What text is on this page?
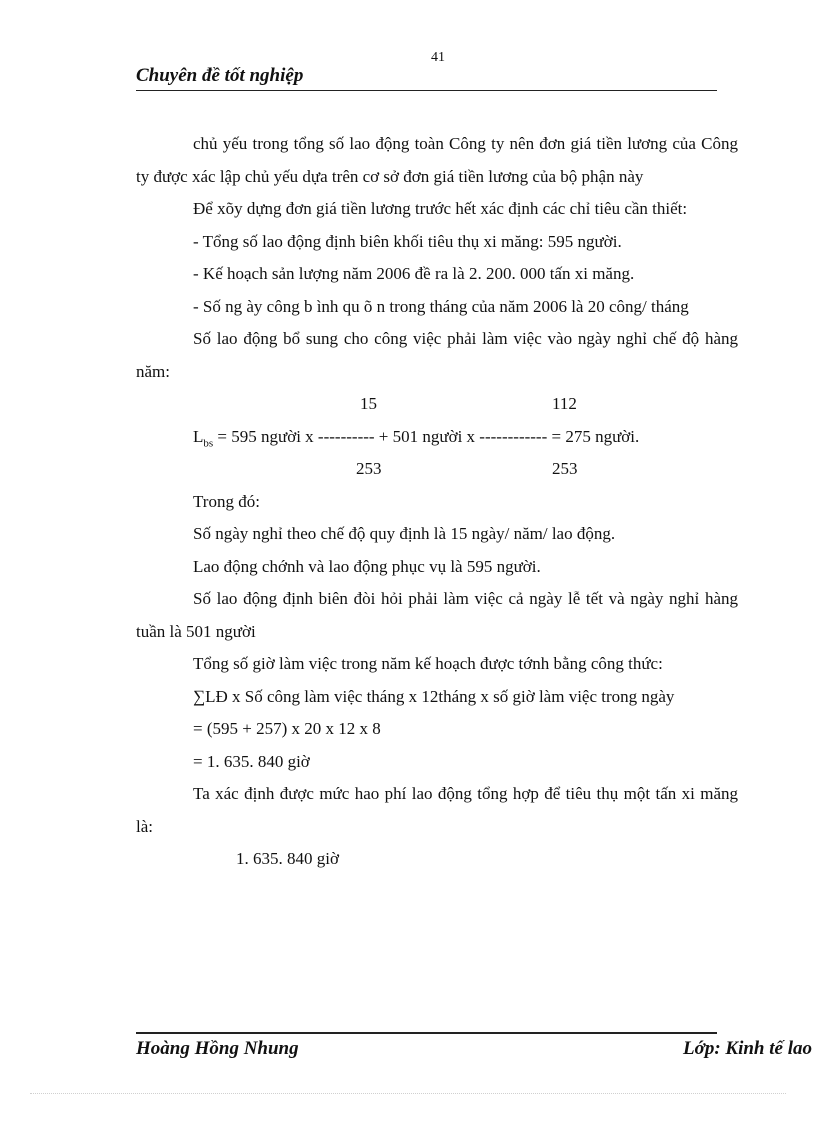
41
Chuyên đề tốt nghiệp

chủ yếu trong tổng số lao động toàn Công ty nên đơn giá tiền lương của Công ty được xác lập chủ yếu dựa trên cơ sở đơn giá tiền lương của bộ phận này

Để xõy dựng đơn giá tiền lương trước hết xác định các chỉ tiêu cần thiết:

- Tổng số lao động định biên khối tiêu thụ xi măng: 595 người.

- Kế hoạch sản lượng năm 2006 đề ra là 2. 200. 000 tấn xi măng.

- Số ng ày công b ình qu õ n trong tháng của năm 2006 là 20 công/ tháng

Số lao động bổ sung cho công việc phải làm việc vào ngày nghỉ chế độ hàng năm:

15	112
$L_{bs} = 595$ người x ---------- + 501 người x ------------ = 275 người.
253	253

Trong đó:

Số ngày nghỉ theo chế độ quy định là 15 ngày/ năm/ lao động.

Lao động chớnh và lao động phục vụ là 595 người.

Số lao động định biên đòi hỏi phải làm việc cả ngày lễ tết và ngày nghỉ hàng tuần là 501 người

Tổng số giờ làm việc trong năm kế hoạch được tớnh bằng công thức:

∑LĐ x Số công làm việc tháng x 12tháng x số giờ làm việc trong ngày

= (595 + 257) x 20 x 12 x 8

= 1. 635. 840 giờ

Ta xác định được mức hao phí lao động tổng hợp để tiêu thụ một tấn xi măng là:

1. 635. 840 giờ

Hoàng Hồng Nhung	Lớp: Kinh tế lao
